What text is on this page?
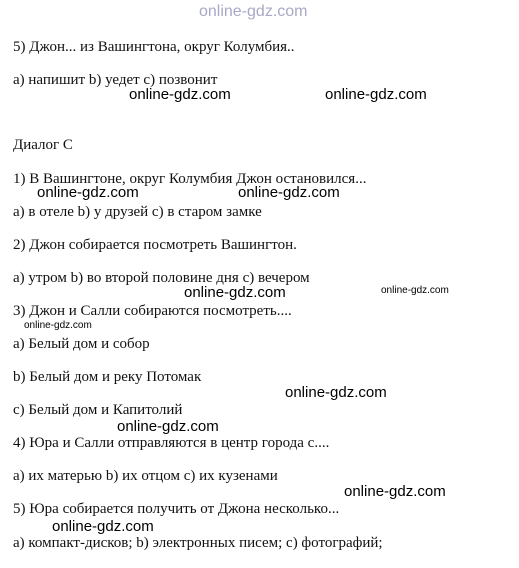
online-gdz.com
5) Джон... из Вашингтона, округ Колумбия..
a) напишит b) уедет c) позвонит
online-gdz.com	online-gdz.com
Диалог С
1) В Вашингтоне, округ Колумбия Джон остановился...
online-gdz.com	online-gdz.com
a) в отеле b) у друзей c) в старом замке
2) Джон собирается посмотреть Вашингтон.
a) утром b) во второй половине дня c) вечером
online-gdz.com	online-gdz.com
3) Джон и Салли собираются посмотреть....
online-gdz.com
a) Белый дом и собор
b) Белый дом и реку Потомак
online-gdz.com
c) Белый дом и Капитолий
online-gdz.com
4) Юра и Салли отправляются в центр города с....
a) их матерью b) их отцом c) их кузенами
online-gdz.com
5) Юра собирается получить от Джона несколько...
online-gdz.com
a) компакт-дисков; b) электронных писем; c) фотографий;
